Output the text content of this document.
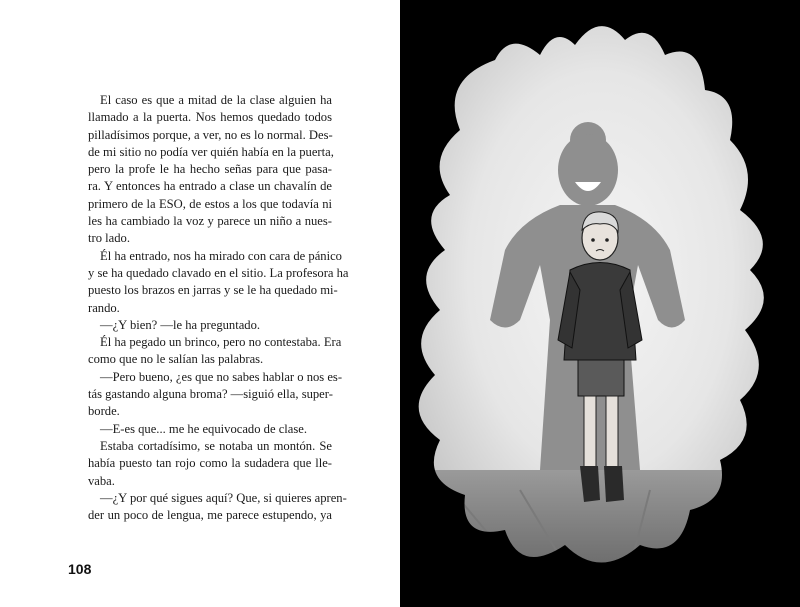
El caso es que a mitad de la clase alguien ha
llamado a la puerta. Nos hemos quedado todos
pilladísimos porque, a ver, no es lo normal. Des-
de mi sitio no podía ver quién había en la puerta,
pero la profe le ha hecho señas para que pasa-
ra. Y entonces ha entrado a clase un chavalín de
primero de la ESO, de estos a los que todavía ni
les ha cambiado la voz y parece un niño a nues-
tro lado.
Él ha entrado, nos ha mirado con cara de pánico
y se ha quedado clavado en el sitio. La profesora ha
puesto los brazos en jarras y se le ha quedado mi-
rando.
—¿Y bien? —le ha preguntado.
Él ha pegado un brinco, pero no contestaba. Era
como que no le salían las palabras.
—Pero bueno, ¿es que no sabes hablar o nos es-
tás gastando alguna broma? —siguió ella, super-
borde.
—E-es que... me he equivocado de clase.
Estaba cortadísimo, se notaba un montón. Se
había puesto tan rojo como la sudadera que lle-
vaba.
—¿Y por qué sigues aquí? Que, si quieres apren-
der un poco de lengua, me parece estupendo, ya
108
